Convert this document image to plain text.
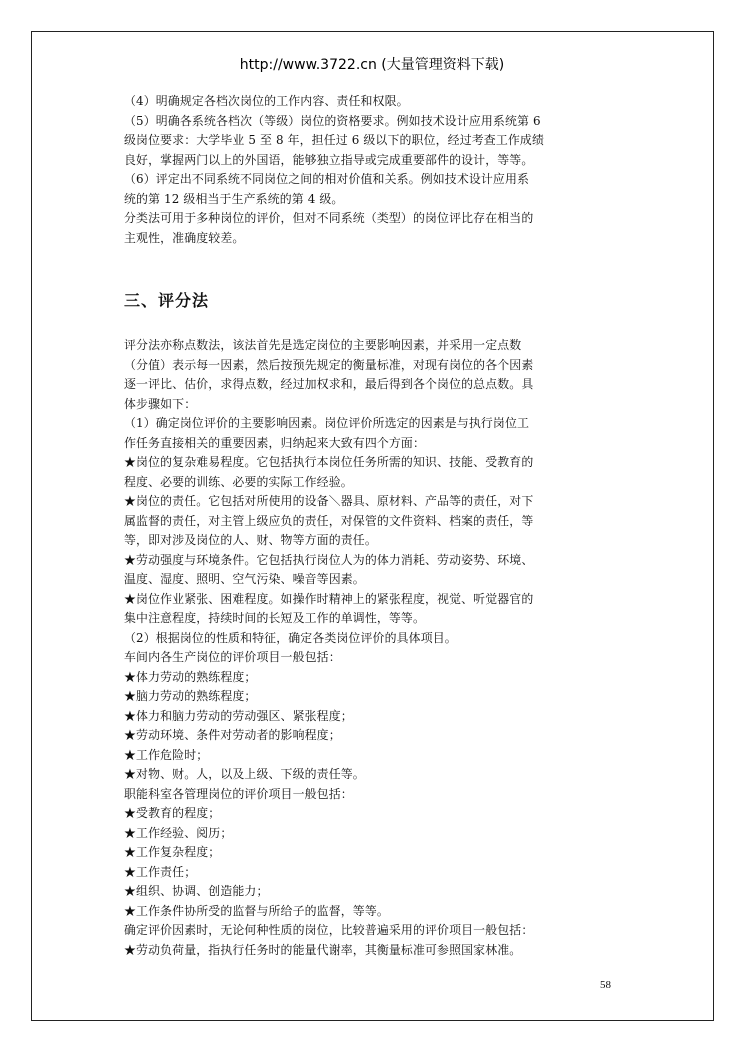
http://www.3722.cn (大量管理资料下载)

（4）明确规定各档次岗位的工作内容、责任和权限。

（5）明确各系统各档次（等级）岗位的资格要求。例如技术设计应用系统第 6

级岗位要求：大学毕业 5 至 8 年，担任过 6 级以下的职位，经过考查工作成绩

良好，掌握两门以上的外国语，能够独立指导或完成重要部件的设计，等等。

（6）评定出不同系统不同岗位之间的相对价值和关系。例如技术设计应用系

统的第 12 级相当于生产系统的第 4 级。

分类法可用于多种岗位的评价，但对不同系统（类型）的岗位评比存在相当的

主观性，准确度较差。

三、评分法

评分法亦称点数法，该法首先是选定岗位的主要影响因素，并采用一定点数

（分值）表示每一因素，然后按预先规定的衡量标准，对现有岗位的各个因素

逐一评比、估价，求得点数，经过加权求和，最后得到各个岗位的总点数。具

体步骤如下：

（1）确定岗位评价的主要影响因素。岗位评价所选定的因素是与执行岗位工

作任务直接相关的重要因素，归纳起来大致有四个方面：

★岗位的复杂难易程度。它包括执行本岗位任务所需的知识、技能、受教育的

程度、必要的训练、必要的实际工作经验。

★岗位的责任。它包括对所使用的设备＼器具、原材料、产品等的责任，对下

属监督的责任，对主管上级应负的责任，对保管的文件资料、档案的责任，等

等，即对涉及岗位的人、财、物等方面的责任。

★劳动强度与环境条件。它包括执行岗位人为的体力消耗、劳动姿势、环境、

温度、湿度、照明、空气污染、噪音等因素。

★岗位作业紧张、困难程度。如操作时精神上的紧张程度，视觉、听觉器官的

集中注意程度，持续时间的长短及工作的单调性，等等。

（2）根据岗位的性质和特征，确定各类岗位评价的具体项目。

车间内各生产岗位的评价项目一般包括：

★体力劳动的熟练程度；

★脑力劳动的熟练程度；

★体力和脑力劳动的劳动强区、紧张程度；

★劳动环境、条件对劳动者的影响程度；

★工作危险时；

★对物、财。人，以及上级、下级的责任等。

职能科室各管理岗位的评价项目一般包括：

★受教育的程度；

★工作经验、阅历；

★工作复杂程度；

★工作责任；

★组织、协调、创造能力；

★工作条件协所受的监督与所给子的监督，等等。

确定评价因素时，无论何种性质的岗位，比较普遍采用的评价项目一般包括：

★劳动负荷量，指执行任务时的能量代谢率，其衡量标准可参照国家林准。

58
